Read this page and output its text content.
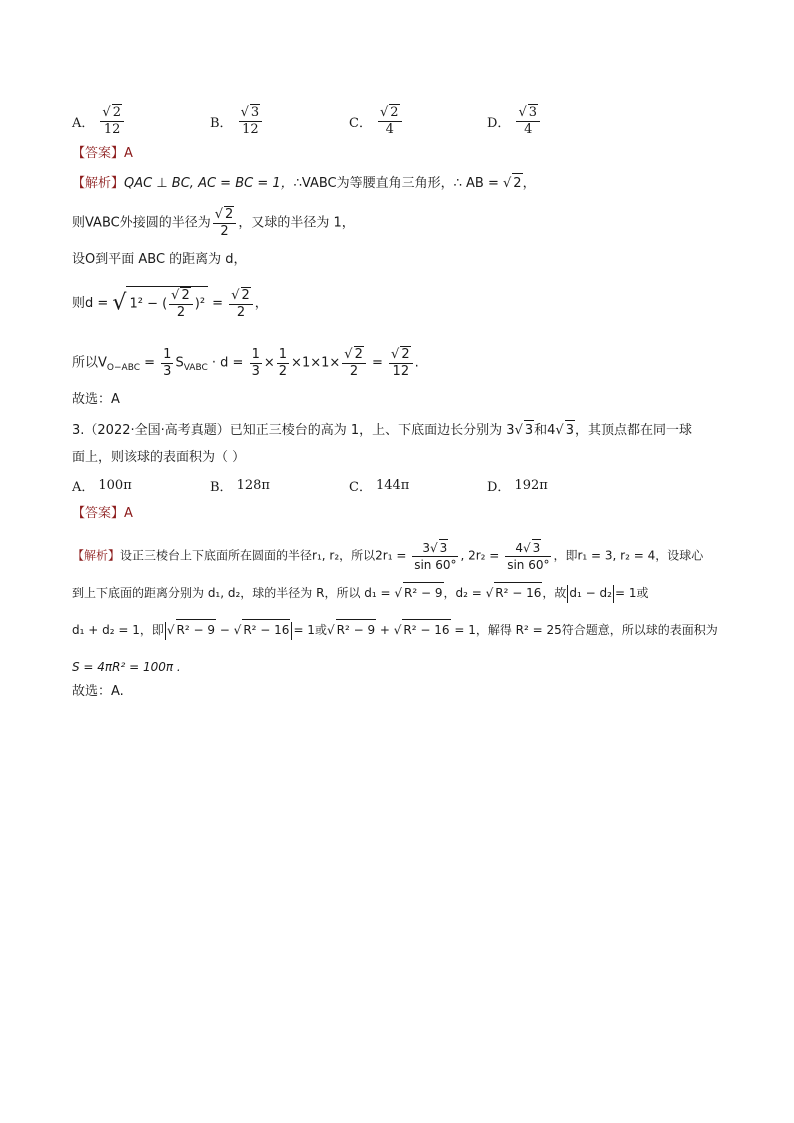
A． $\frac{√ 2}{12}$	B． $\frac{√ 3}{12}$	C． $\frac{√ 2}{4}$	D． $\frac{√ 3}{4}$
【答案】A
【解析】QAC ⊥ BC, AC = BC = 1，∴VABC为等腰直角三角形，∴ AB = √ 2，
则VABC外接圆的半径为 $\frac{√ 2}{2}$ ，又球的半径为 1，
设O到平面 ABC 的距离为 d，
则d = √ 1² − ( $\frac{√ 2}{2} )^2 = \frac{√ 2}{2}$ ，
所以$V_{O-ABC} = \frac{1}{3} S_{VABC} \cdot d = \frac{1}{3} \times \frac{1}{2} \times 1\times 1\times \frac{√ 2}{2} = \frac{√ 2}{12}$ .
故选：A
3.（2022·全国·高考真题）已知正三棱台的高为 1，上、下底面边长分别为 3√ 3和4√ 3，其顶点都在同一球
面上，则该球的表面积为（ ）
A． 100π	B． 128π	C． 144π	D． 192π
【答案】A
【解析】设正三棱台上下底面所在圆面的半径r₁, r₂，所以$2r_1 = \frac{3√ 3}{\sin 60^\circ}$ , $2r_2 = \frac{4√ 3}{\sin 60^\circ}$ ，即r₁ = 3, r₂ = 4，设球心
到上下底面的距离分别为 d₁, d₂，球的半径为 R，所以 d₁ = √ R² − 9，d₂ = √ R² − 16，故 d₁ − d₂ = 1或
d₁ + d₂ = 1，即 √ R² − 9 − √ R² − 16 = 1或√ R² − 9 + √ R² − 16 = 1，解得 R² = 25符合题意，所以球的表面积为
S = 4πR² = 100π .
故选：A.
